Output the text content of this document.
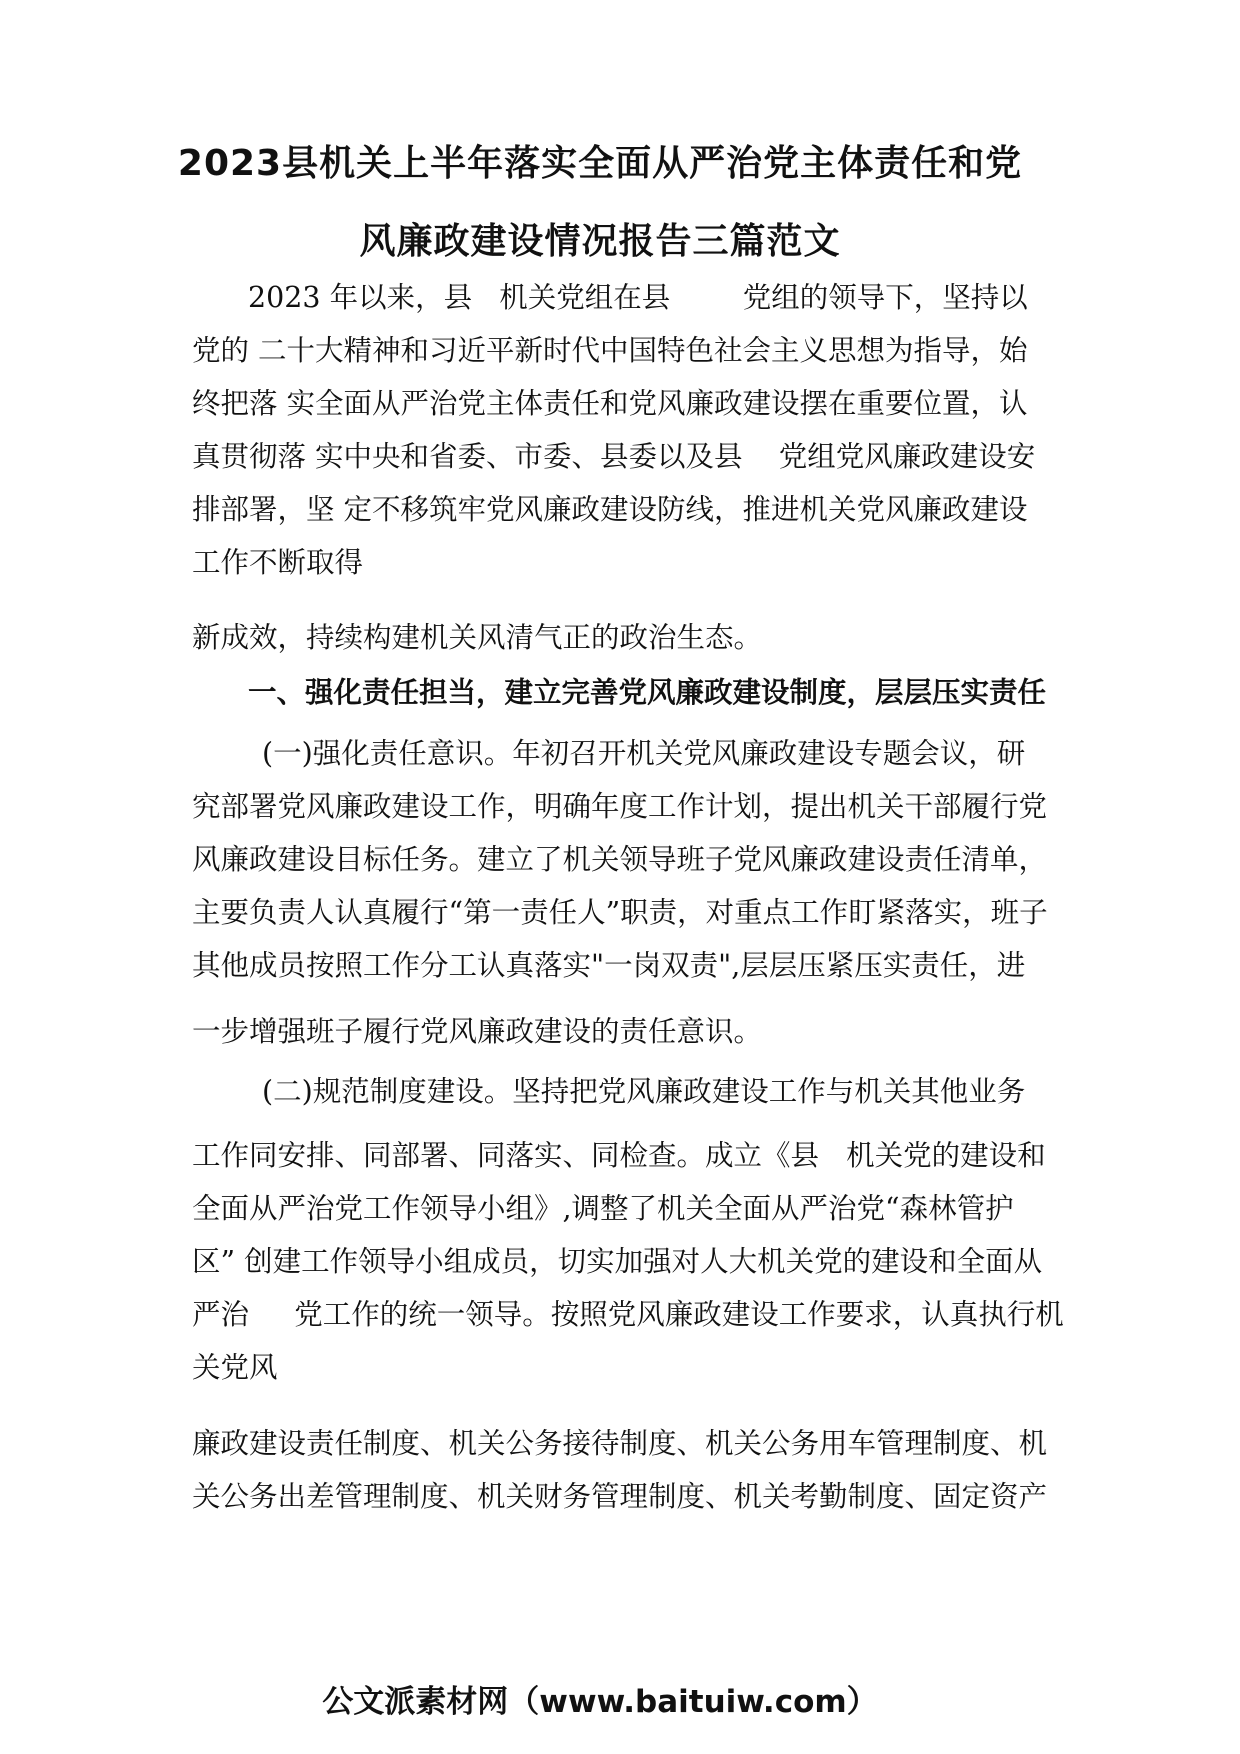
2023县机关上半年落实全面从严治党主体责任和党
风廉政建设情况报告三篇范文
2023 年以来，县   机关党组在县        党组的领导下，坚持以
党的 二十大精神和习近平新时代中国特色社会主义思想为指导，始
终把落 实全面从严治党主体责任和党风廉政建设摆在重要位置，认
真贯彻落 实中央和省委、市委、县委以及县    党组党风廉政建设安
排部署，坚 定不移筑牢党风廉政建设防线，推进机关党风廉政建设
工作不断取得
新成效，持续构建机关风清气正的政治生态。
一、强化责任担当，建立完善党风廉政建设制度，层层压实责任
(一)强化责任意识。年初召开机关党风廉政建设专题会议，研
究部署党风廉政建设工作，明确年度工作计划，提出机关干部履行党
风廉政建设目标任务。建立了机关领导班子党风廉政建设责任清单，
主要负责人认真履行“第一责任人”职责，对重点工作盯紧落实，班子
其他成员按照工作分工认真落实"一岗双责",层层压紧压实责任，进
一步增强班子履行党风廉政建设的责任意识。
(二)规范制度建设。坚持把党风廉政建设工作与机关其他业务
工作同安排、同部署、同落实、同检查。成立《县   机关党的建设和
全面从严治党工作领导小组》,调整了机关全面从严治党“森林管护
区” 创建工作领导小组成员，切实加强对人大机关党的建设和全面从
严治     党工作的统一领导。按照党风廉政建设工作要求，认真执行机
关党风
廉政建设责任制度、机关公务接待制度、机关公务用车管理制度、机
关公务出差管理制度、机关财务管理制度、机关考勤制度、固定资产
公文派素材网（www.baituiw.com）
